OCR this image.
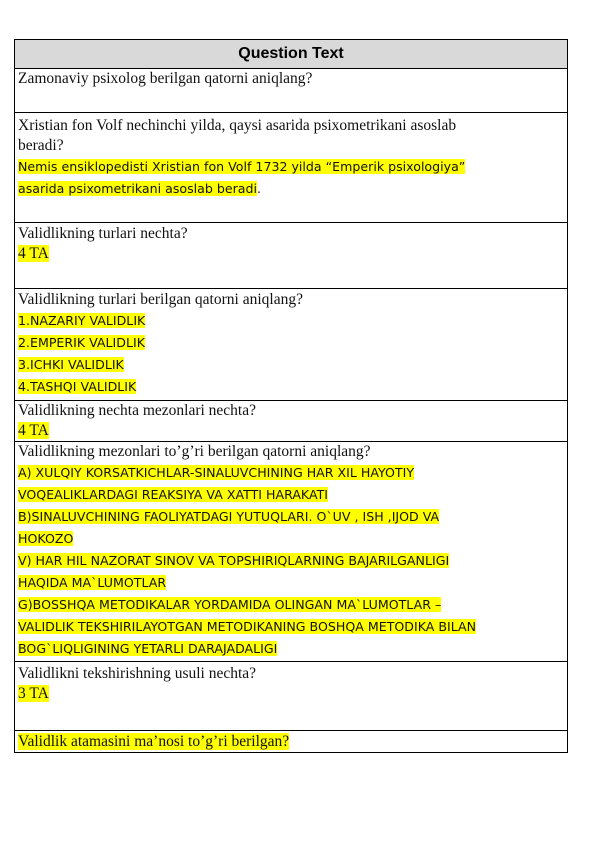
Question Text

Zamonaviy psixolog berilgan qatorni aniqlang?

Xristian fon Volf nechinchi yilda, qaysi asarida psixometrikani asoslab
beradi?
Nemis ensiklopedisti Xristian fon Volf 1732 yilda “Emperik psixologiya”
asarida psixometrikani asoslab beradi.

Validlikning turlari nechta?
4 TA

Validlikning turlari berilgan qatorni aniqlang?
1.NAZARIY VALIDLIK
2.EMPERIK VALIDLIK
3.ICHKI VALIDLIK
4.TASHQI VALIDLIK

Validlikning nechta mezonlari nechta?
4 TA

Validlikning mezonlari to’g’ri berilgan qatorni aniqlang?
A) XULQIY KORSATKICHLAR-SINALUVCHINING HAR XIL HAYOTIY
VOQEALIKLARDAGI REAKSIYA VA XATTI HARAKATI
B)SINALUVCHINING FAOLIYATDAGI YUTUQLARI. O`UV , ISH ,IJOD VA
HOKOZO
V) HAR HIL NAZORAT SINOV VA TOPSHIRIQLARNING BAJARILGANLIGI
HAQIDA MA`LUMOTLAR
G)BOSSHQA METODIKALAR YORDAMIDA OLINGAN MA`LUMOTLAR –
VALIDLIK TEKSHIRILAYOTGAN METODIKANING BOSHQA METODIKA BILAN
BOG`LIQLIGINING YETARLI DARAJADALIGI

Validlikni tekshirishning usuli nechta?
3 TA

Validlik atamasini ma’nosi to’g’ri berilgan?
